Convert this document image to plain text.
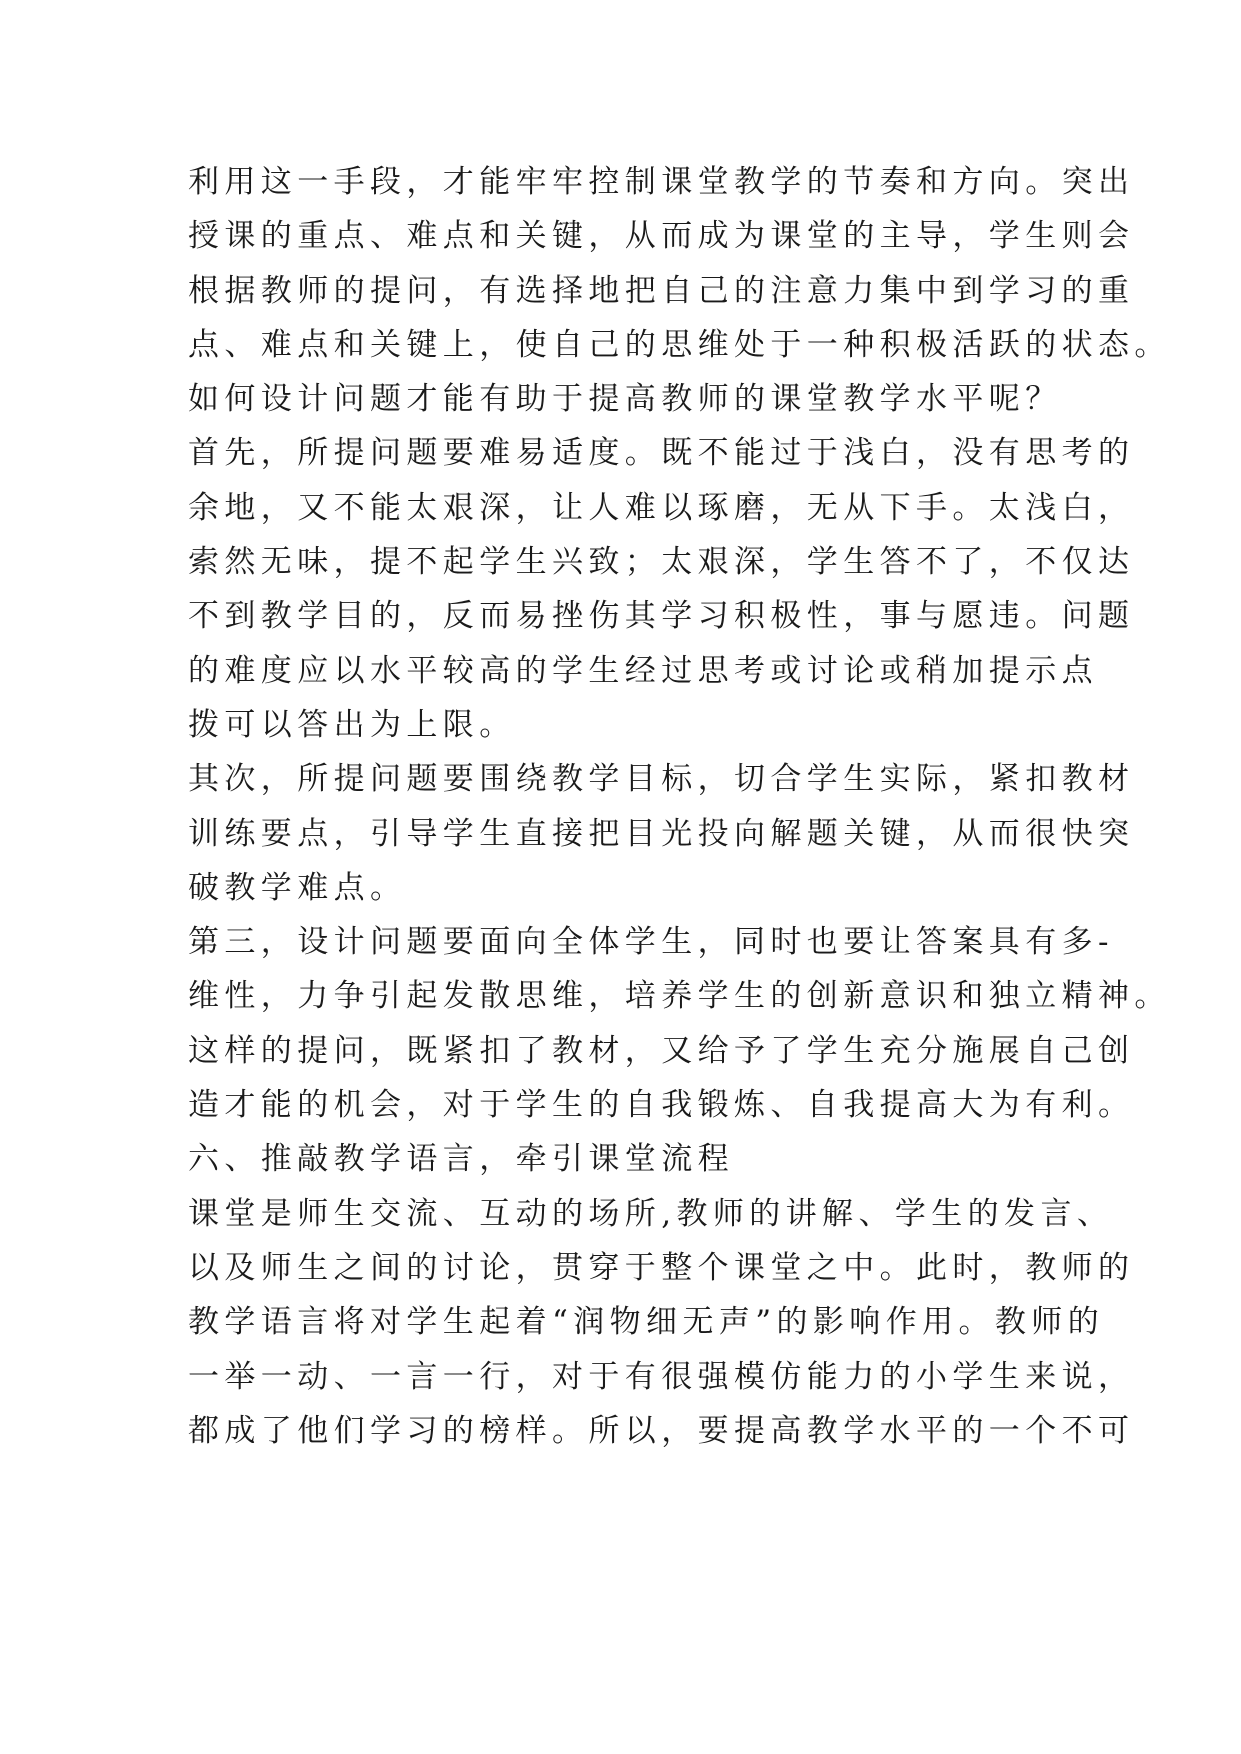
利用这一手段，才能牢牢控制课堂教学的节奏和方向。突出
授课的重点、难点和关键，从而成为课堂的主导，学生则会
根据教师的提问，有选择地把自己的注意力集中到学习的重
点、难点和关键上，使自己的思维处于一种积极活跃的状态。
如何设计问题才能有助于提高教师的课堂教学水平呢？
首先，所提问题要难易适度。既不能过于浅白，没有思考的
余地，又不能太艰深，让人难以琢磨，无从下手。太浅白，
索然无味，提不起学生兴致；太艰深，学生答不了，不仅达
不到教学目的，反而易挫伤其学习积极性，事与愿违。问题
的难度应以水平较高的学生经过思考或讨论或稍加提示点
拨可以答出为上限。
其次，所提问题要围绕教学目标，切合学生实际，紧扣教材
训练要点，引导学生直接把目光投向解题关键，从而很快突
破教学难点。
第三，设计问题要面向全体学生，同时也要让答案具有多-
维性，力争引起发散思维，培养学生的创新意识和独立精神。
这样的提问，既紧扣了教材，又给予了学生充分施展自己创
造才能的机会，对于学生的自我锻炼、自我提高大为有利。
六、推敲教学语言，牵引课堂流程
课堂是师生交流、互动的场所,教师的讲解、学生的发言、
以及师生之间的讨论，贯穿于整个课堂之中。此时，教师的
教学语言将对学生起着“润物细无声”的影响作用。教师的
一举一动、一言一行，对于有很强模仿能力的小学生来说，
都成了他们学习的榜样。所以，要提高教学水平的一个不可
